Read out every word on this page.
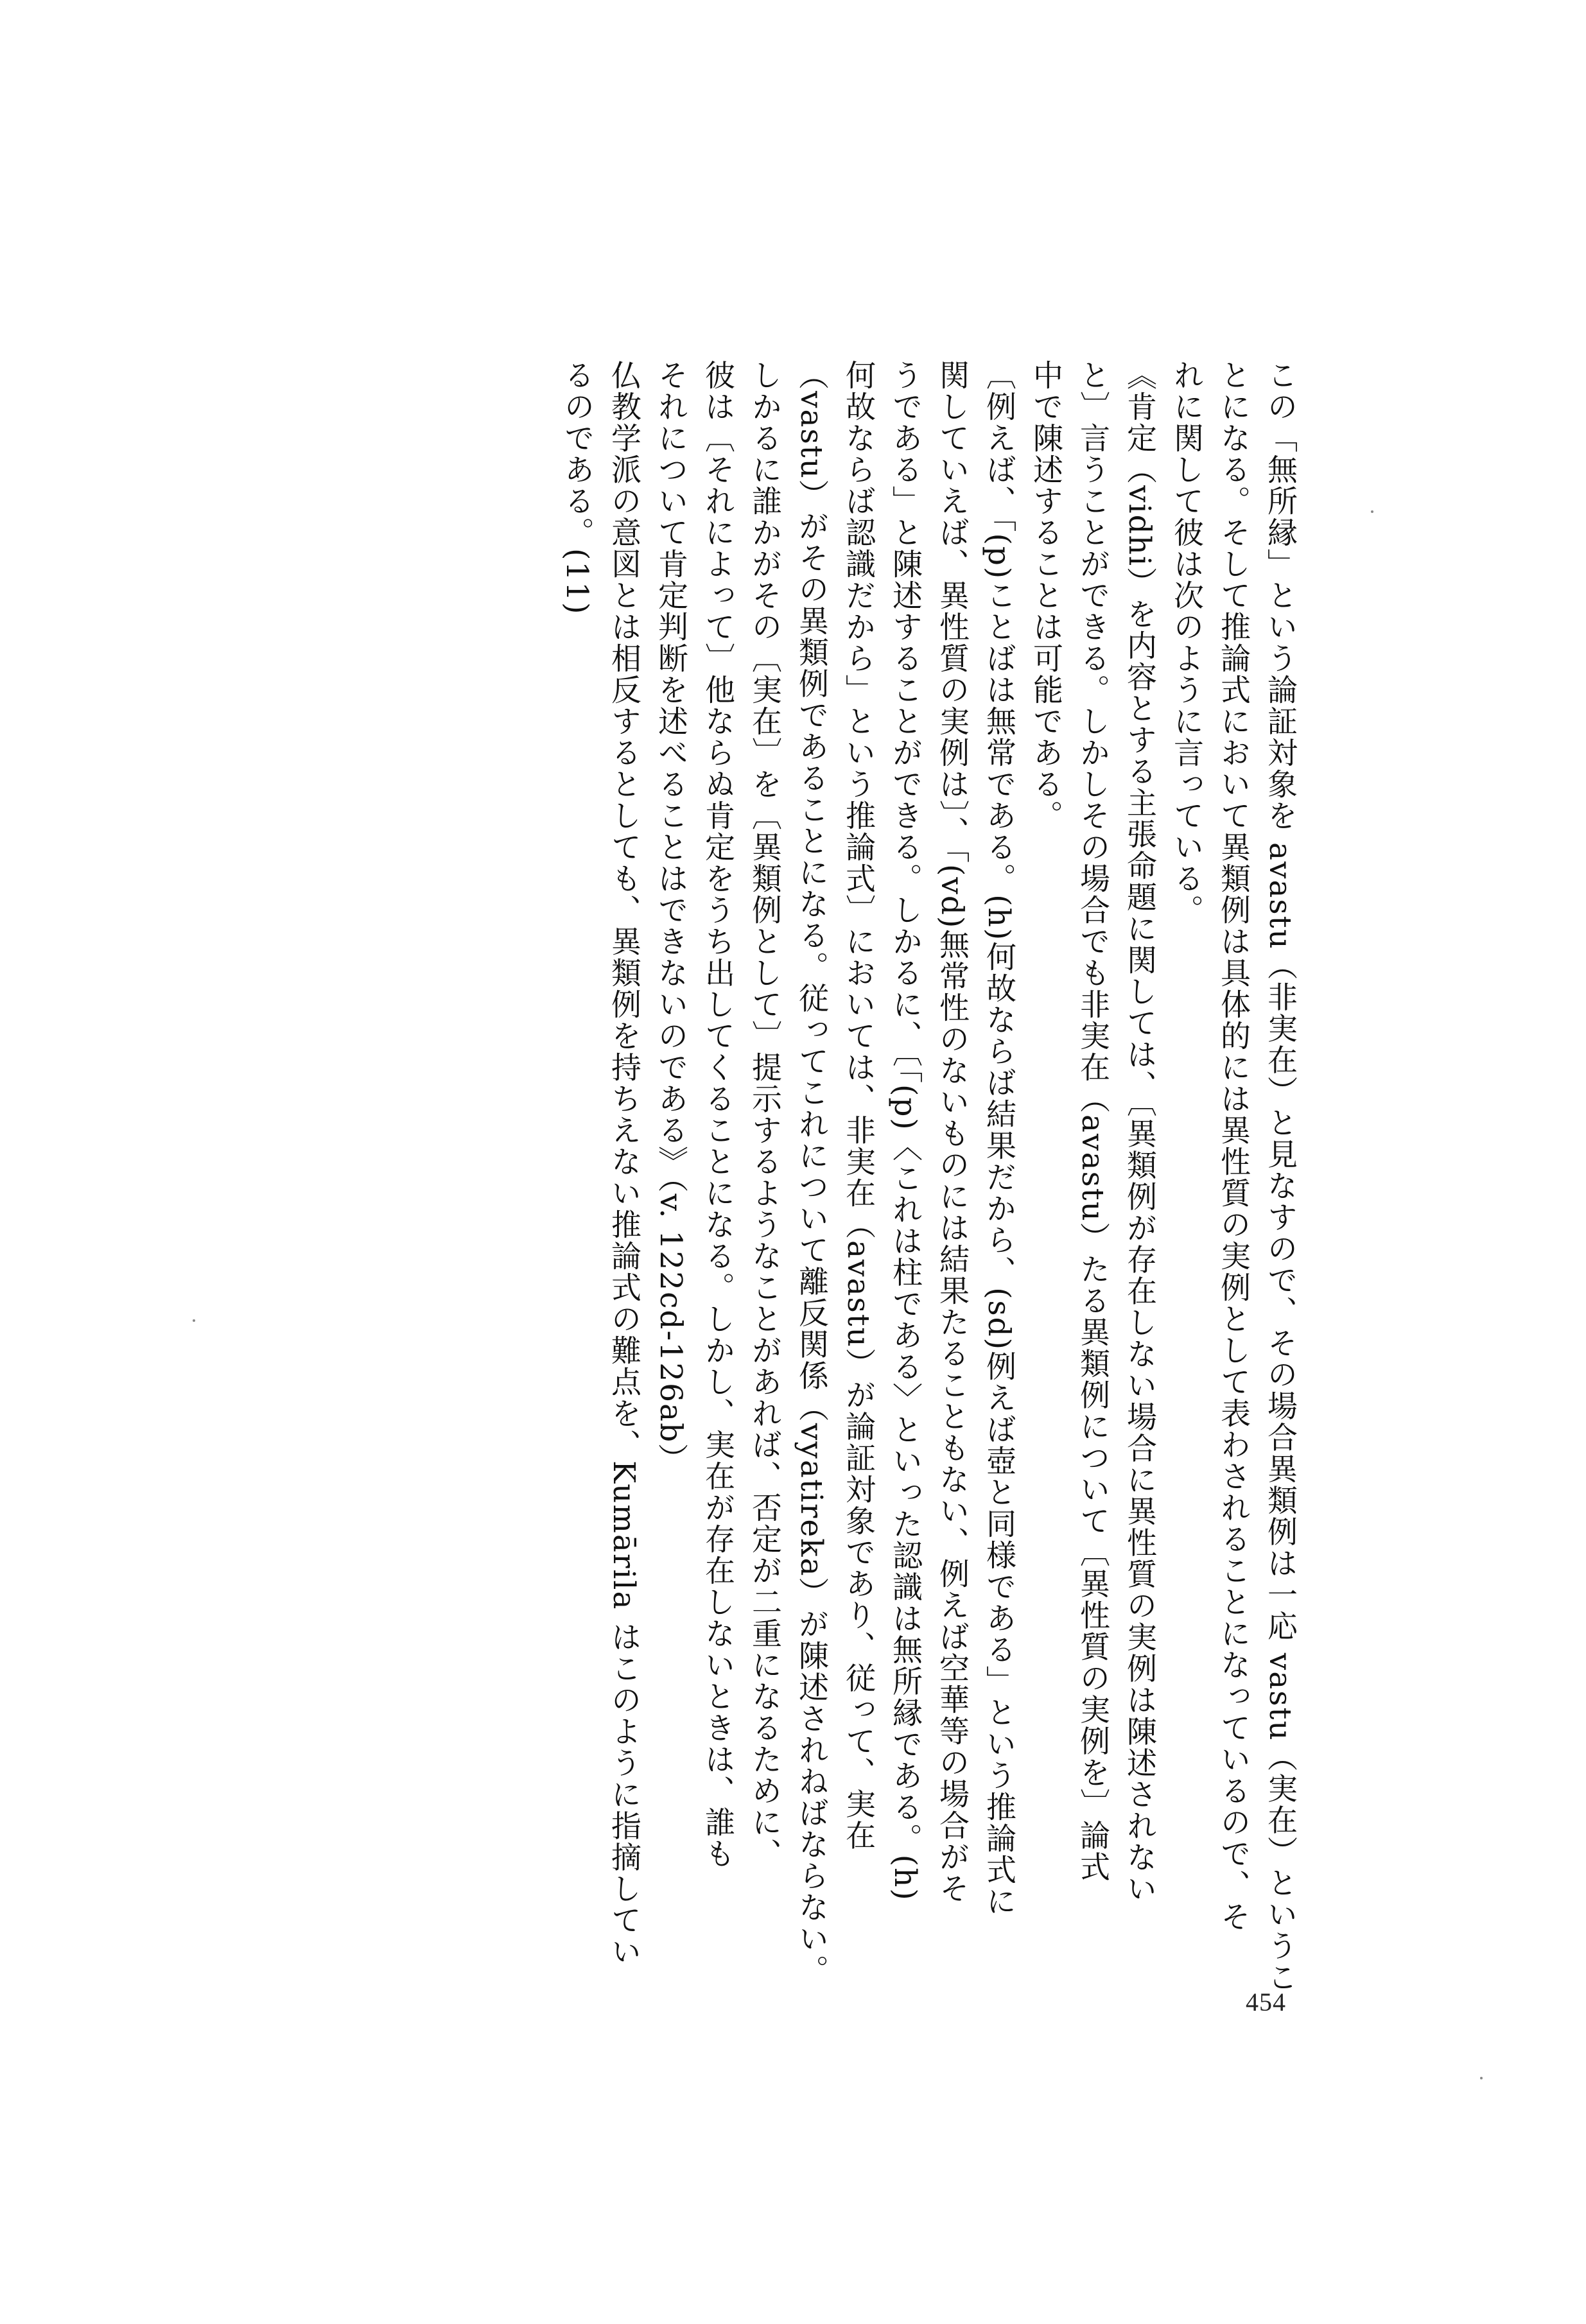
この「無所縁」という論証対象を avastu（非実在）と見なすので、その場合異類例は一応 vastu（実在）というこ
とになる。そして推論式において異類例は具体的には異性質の実例として表わされることになっているので、そ
れに関して彼は次のように言っている。

《肯定（vidhi）を内容とする主張命題に関しては、〔異類例が存在しない場合に異性質の実例は陳述されない
と〕言うことができる。しかしその場合でも非実在（avastu）たる異類例について〔異性質の実例を〕論式
中で陳述することは可能である。
〔例えば、「(p)ことばは無常である。(h)何故ならば結果だから、(sd)例えば壺と同様である」という推論式に
関していえば、異性質の実例は〕、「(vd)無常性のないものには結果たることもない、例えば空華等の場合がそ
うである」と陳述することができる。しかるに、〔「(p)〈これは柱である〉といった認識は無所縁である。(h)
何故ならば認識だから」という推論式〕においては、非実在（avastu）が論証対象であり、従って、実在
（vastu）がその異類例であることになる。従ってこれについて離反関係（vyatireka）が陳述されねばならない。
しかるに誰かがその〔実在〕を〔異類例として〕提示するようなことがあれば、否定が二重になるために、
彼は〔それによって〕他ならぬ肯定をうち出してくることになる。しかし、実在が存在しないときは、誰も
それについて肯定判断を述べることはできないのである》（v. 122cd-126ab）

仏教学派の意図とは相反するとしても、異類例を持ちえない推論式の難点を、Kumārila はこのように指摘してい
るのである。(11)

454
